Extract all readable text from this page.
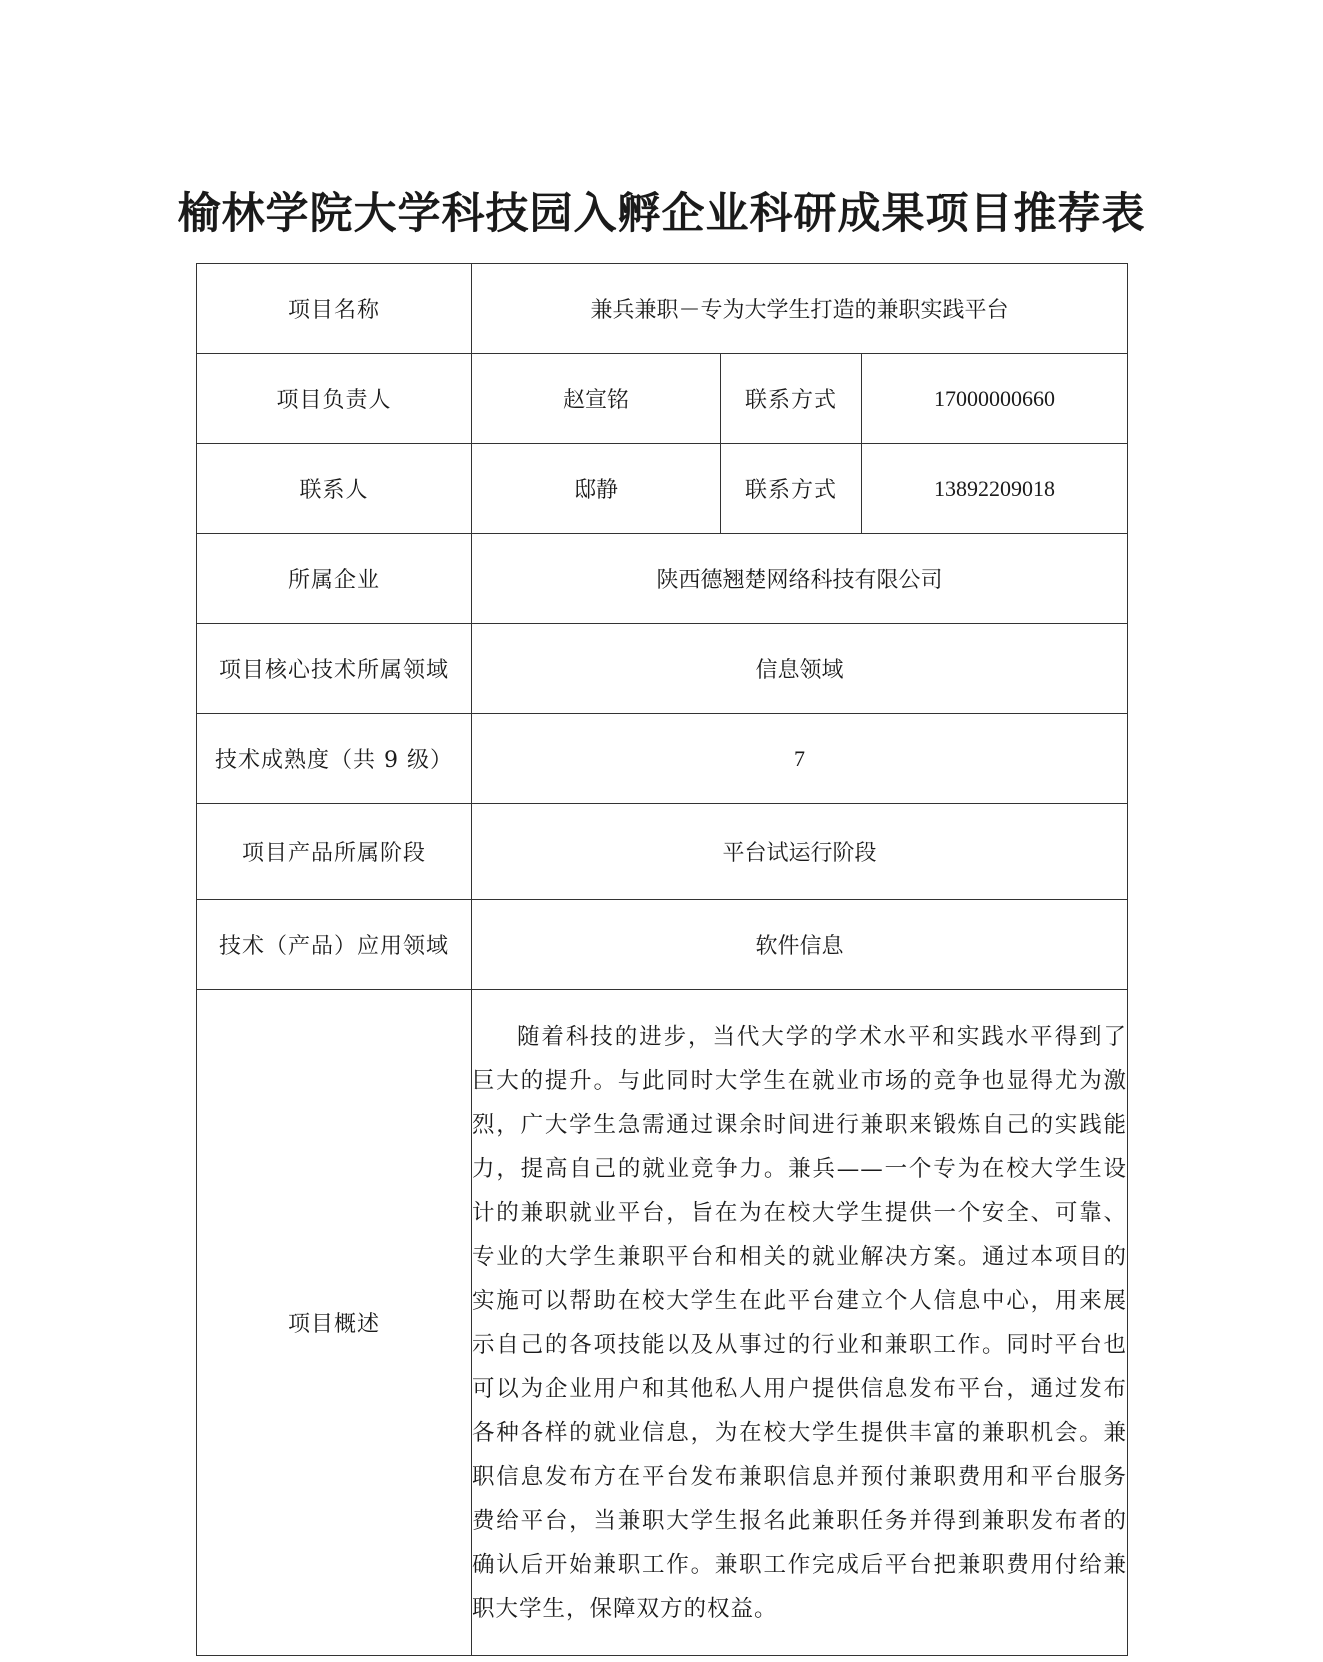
榆林学院大学科技园入孵企业科研成果项目推荐表
项目名称	兼兵兼职－专为大学生打造的兼职实践平台		
项目负责人	赵宣铭	联系方式	17000000660
联系人	邸静	联系方式	13892209018
所属企业	陕西德翘楚网络科技有限公司		
项目核心技术所属领域	信息领域		
技术成熟度（共 9 级）	7		
项目产品所属阶段	平台试运行阶段		
技术（产品）应用领域	软件信息		
项目概述	随着科技的进步，当代大学的学术水平和实践水平得到了巨大的提升。与此同时大学生在就业市场的竞争也显得尤为激烈，广大学生急需通过课余时间进行兼职来锻炼自己的实践能力，提高自己的就业竞争力。兼兵——一个专为在校大学生设计的兼职就业平台，旨在为在校大学生提供一个安全、可靠、专业的大学生兼职平台和相关的就业解决方案。通过本项目的实施可以帮助在校大学生在此平台建立个人信息中心，用来展示自己的各项技能以及从事过的行业和兼职工作。同时平台也可以为企业用户和其他私人用户提供信息发布平台，通过发布各种各样的就业信息，为在校大学生提供丰富的兼职机会。兼职信息发布方在平台发布兼职信息并预付兼职费用和平台服务费给平台，当兼职大学生报名此兼职任务并得到兼职发布者的确认后开始兼职工作。兼职工作完成后平台把兼职费用付给兼职大学生，保障双方的权益。		
